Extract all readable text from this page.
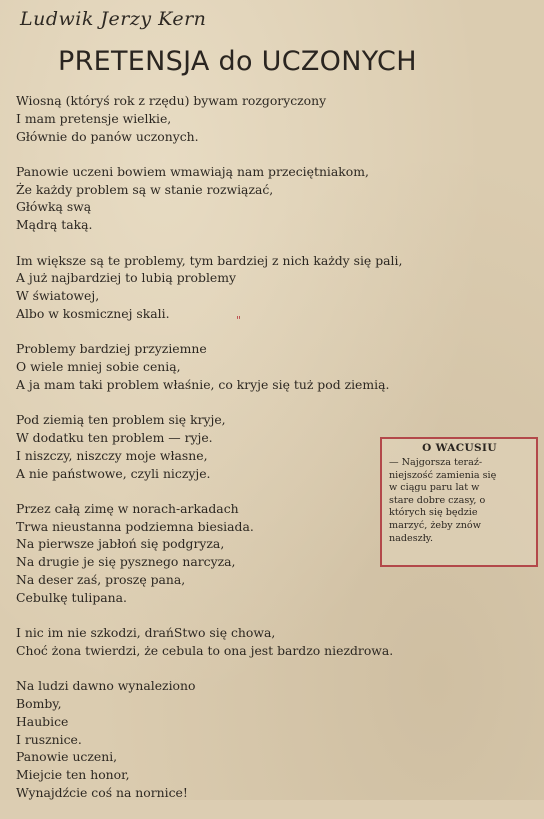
Ludwik Jerzy Kern
PRETENSJA do UCZONYCH
Wiosną (któryś rok z rzędu) bywam rozgoryczony
I mam pretensje wielkie,
Głównie do panów uczonych.
Panowie uczeni bowiem wmawiają nam przeciętniakom,
Że każdy problem są w stanie rozwiązać,
Główką swą
Mądrą taką.
Im większe są te problemy, tym bardziej z nich każdy się pali,
A już najbardziej to lubią problemy
W światowej,
Albo w kosmicznej skali.
Problemy bardziej przyziemne
O wiele mniej sobie cenią,
A ja mam taki problem właśnie, co kryje się tuż pod ziemią.
Pod ziemią ten problem się kryje,
W dodatku ten problem — ryje.
I niszczy, niszczy moje własne,
A nie państwowe, czyli niczyje.
Przez całą zimę w norach-arkadach
Trwa nieustanna podziemna biesiada.
Na pierwsze jabłoń się podgryza,
Na drugie je się pysznego narcyza,
Na deser zaś, proszę pana,
Cebulkę tulipana.
I nic im nie szkodzi, drańStwo się chowa,
Choć żona twierdzi, że cebula to ona jest bardzo niezdrowa.
Na ludzi dawno wynaleziono
Bomby,
Haubice
I rusznice.
Panowie uczeni,
Miejcie ten honor,
Wynajdźcie coś na nornice!
"
O WACUSIU
— Najgorsza teraź-
niejszość zamienia się
w ciągu paru lat w
stare dobre czasy, o
których się będzie
marzyć, żeby znów
nadeszły.
